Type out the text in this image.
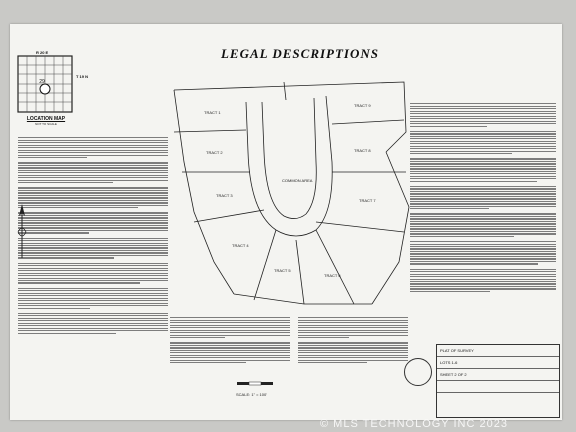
LEGAL DESCRIPTIONS
R 20 E
T 19 N
29
LOCATION MAP
NOT TO SCALE
TRACT 1
TRACT 2
TRACT 3
TRACT 4
TRACT 5
TRACT 6
TRACT 7
TRACT 8
TRACT 9
COMMON AREA
SCALE: 1" = 100'
PLAT OF SURVEY
LOTS 1-6
SHEET 2 OF 2
© MLS TECHNOLOGY INC 2023
